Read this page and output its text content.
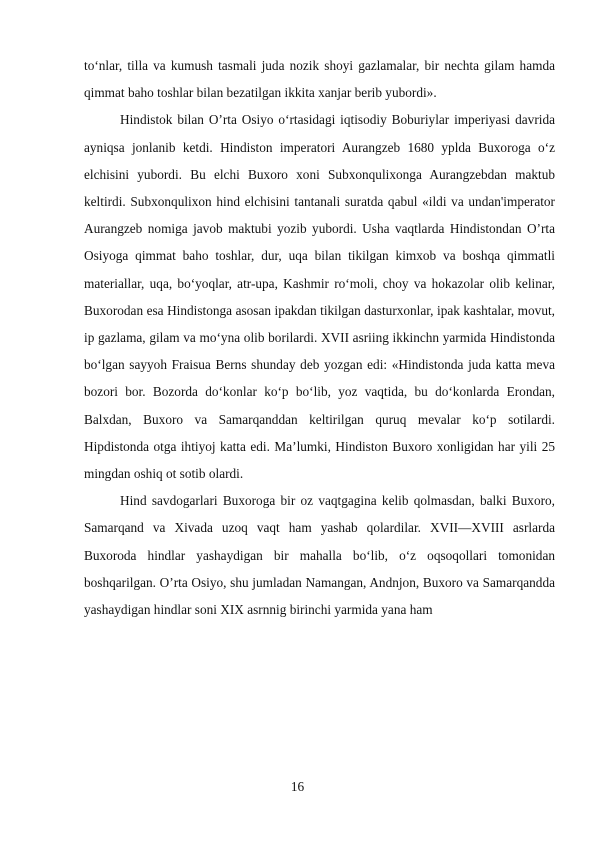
to‘nlar, tilla va kumush tasmali juda nozik shoyi gazlamalar, bir nechta gilam hamda qimmat baho toshlar bilan bezatilgan ikkita xanjar berib yubordi».

Hindistok bilan O’rta Osiyo o‘rtasidagi iqtisodiy Boburiylar imperiyasi davrida ayniqsa jonlanib ketdi. Hindiston imperatori Aurangzeb 1680 yplda Buxoroga o‘z elchisini yubordi. Bu elchi Buxoro xoni Subxonqulixonga Aurangzebdan maktub keltirdi. Subxonqulixon hind elchisini tantanali suratda qabul «ildi va undan'imperator Aurangzeb nomiga javob maktubi yozib yubordi. Usha vaqtlarda Hindistondan O’rta Osiyoga qimmat baho toshlar, dur, uqa bilan tikilgan kimxob va boshqa qimmatli materiallar, uqa, bo‘yoqlar, atr-upa, Kashmir ro‘moli, choy va hokazolar olib kelinar, Buxorodan esa Hindistonga asosan ipakdan tikilgan dasturxonlar, ipak kashtalar, movut, ip gazlama, gilam va mo‘yna olib borilardi. XVII asriing ikkinchn yarmida Hindistonda bo‘lgan sayyoh Fraisua Berns shunday deb yozgan edi: «Hindistonda juda katta meva bozori bor. Bozorda do‘konlar ko‘p bo‘lib, yoz vaqtida, bu do‘konlarda Erondan, Balxdan, Buxoro va Samarqanddan keltirilgan quruq mevalar ko‘p sotilardi. Hipdistonda otga ihtiyoj katta edi. Ma’lumki, Hindiston Buxoro xonligidan har yili 25 mingdan oshiq ot sotib olardi.

Hind savdogarlari Buxoroga bir oz vaqtgagina kelib qolmasdan, balki Buxoro, Samarqand va Xivada uzoq vaqt ham yashab qolardilar. XVII—XVIII asrlarda Buxoroda hindlar yashaydigan bir mahalla bo‘lib, o‘z oqsoqollari tomonidan boshqarilgan. O’rta Osiyo, shu jumladan Namangan, Andnjon, Buxoro va Samarqandda yashaydigan hindlar soni XIX asrnnig birinchi yarmida yana ham

16
